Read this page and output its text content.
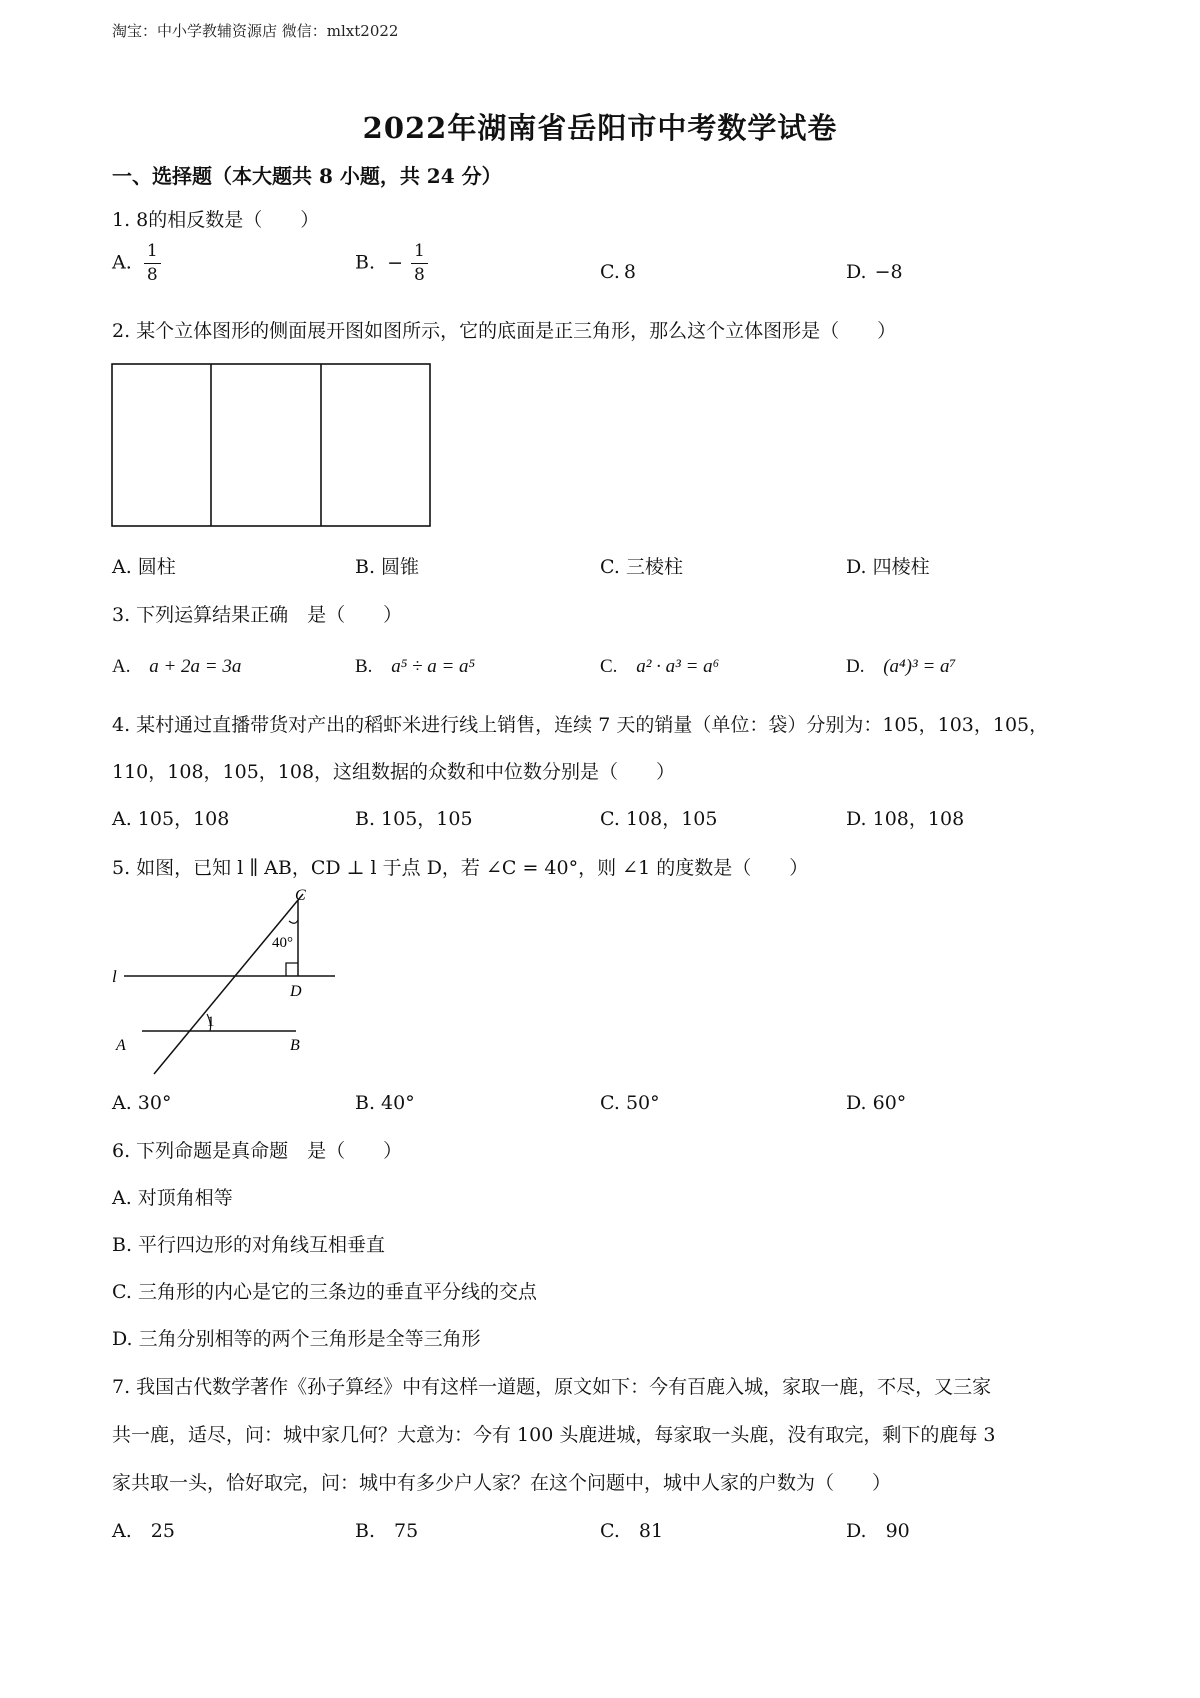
淘宝：中小学教辅资源店 微信：mlxt2022
2022年湖南省岳阳市中考数学试卷
一、选择题（本大题共 8 小题，共 24 分）
1. 8的相反数是（　　）
A. $\frac{1}{8}$	B. − $\frac{1}{8}$	C. 8	D. −8
2. 某个立体图形的侧面展开图如图所示，它的底面是正三角形，那么这个立体图形是（　　）
A. 圆柱	B. 圆锥	C. 三棱柱	D. 四棱柱
3. 下列运算结果正确　是（　　）
A. a + 2a = 3a	B. a⁵ ÷ a = a⁵	C. a² · a³ = a⁶	D. (a⁴)³ = a⁷
4. 某村通过直播带货对产出的稻虾米进行线上销售，连续 7 天的销量（单位：袋）分别为：105，103，105，
110，108，105，108，这组数据的众数和中位数分别是（　　）
A. 105，108	B. 105，105	C. 108，105	D. 108，108
5. 如图，已知 l ∥ AB，CD ⊥ l 于点 D，若 ∠C = 40°，则 ∠1 的度数是（　　）
C
40°
l
D
1
A	B
A. 30°	B. 40°	C. 50°	D. 60°
6. 下列命题是真命题　是（　　）
A. 对顶角相等
B. 平行四边形的对角线互相垂直
C. 三角形的内心是它的三条边的垂直平分线的交点
D. 三角分别相等的两个三角形是全等三角形
7. 我国古代数学著作《孙子算经》中有这样一道题，原文如下：今有百鹿入城，家取一鹿，不尽，又三家
共一鹿，适尽，问：城中家几何？大意为：今有 100 头鹿进城，每家取一头鹿，没有取完，剩下的鹿每 3
家共取一头，恰好取完，问：城中有多少户人家？在这个问题中，城中人家的户数为（　　）
A.　25	B.　75	C.　81	D.　90
